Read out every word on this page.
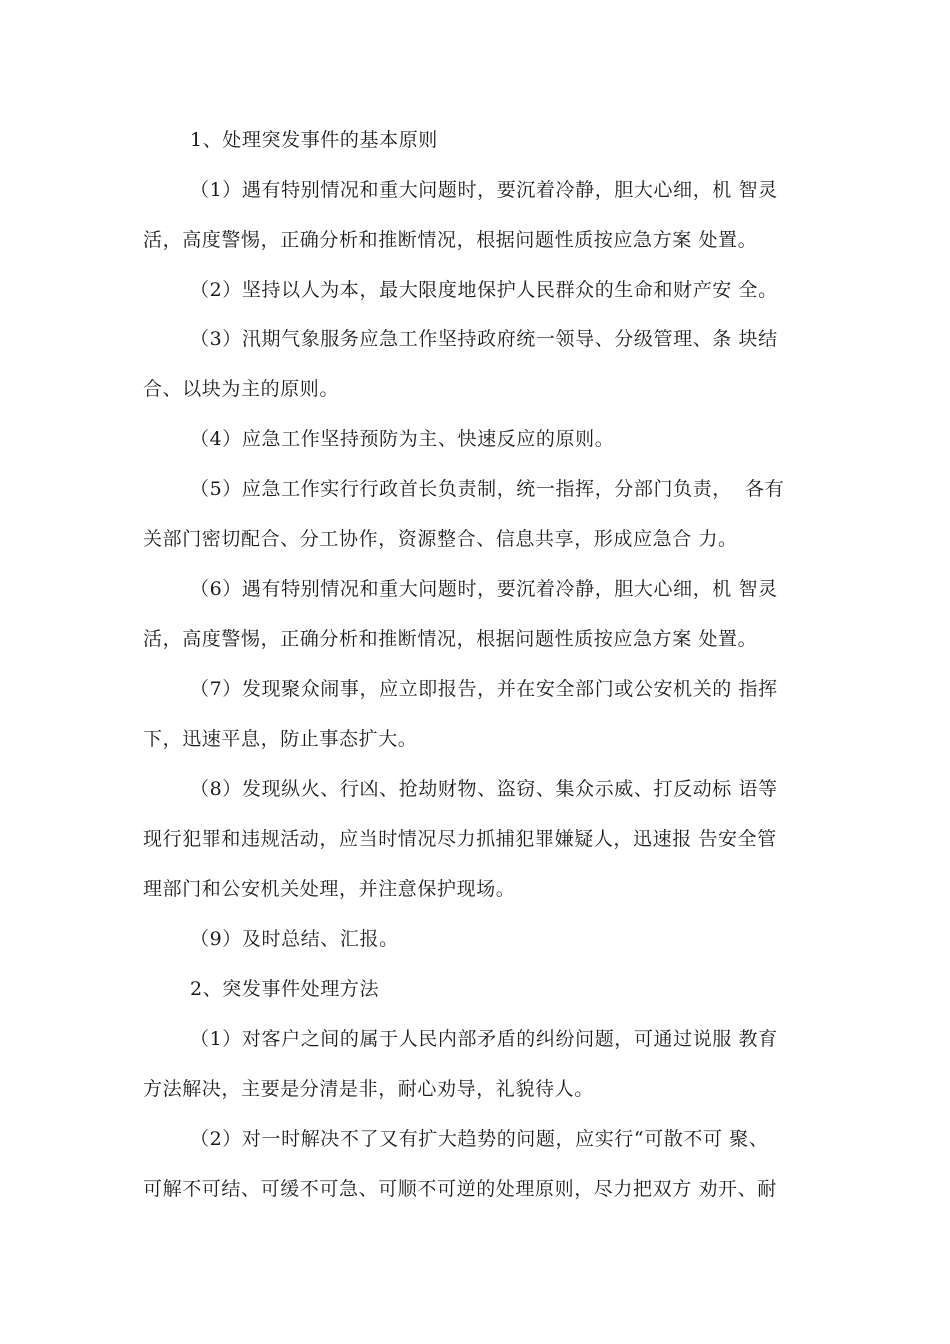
1、处理突发事件的基本原则
（1）遇有特别情况和重大问题时，要沉着冷静，胆大心细，机 智灵
活，高度警惕，正确分析和推断情况，根据问题性质按应急方案 处置。
（2）坚持以人为本，最大限度地保护人民群众的生命和财产安 全。
（3）汛期气象服务应急工作坚持政府统一领导、分级管理、条 块结
合、以块为主的原则。
（4）应急工作坚持预防为主、快速反应的原则。
（5）应急工作实行行政首长负责制，统一指挥，分部门负责，  各有
关部门密切配合、分工协作，资源整合、信息共享，形成应急合 力。
（6）遇有特别情况和重大问题时，要沉着冷静，胆大心细，机 智灵
活，高度警惕，正确分析和推断情况，根据问题性质按应急方案 处置。
（7）发现聚众闹事，应立即报告，并在安全部门或公安机关的 指挥
下，迅速平息，防止事态扩大。
（8）发现纵火、行凶、抢劫财物、盗窃、集众示威、打反动标 语等
现行犯罪和违规活动，应当时情况尽力抓捕犯罪嫌疑人，迅速报 告安全管
理部门和公安机关处理，并注意保护现场。
（9）及时总结、汇报。
2、突发事件处理方法
（1）对客户之间的属于人民内部矛盾的纠纷问题，可通过说服 教育
方法解决，主要是分清是非，耐心劝导，礼貌待人。
（2）对一时解决不了又有扩大趋势的问题，应实行“可散不可 聚、
可解不可结、可缓不可急、可顺不可逆的处理原则，尽力把双方 劝开、耐
